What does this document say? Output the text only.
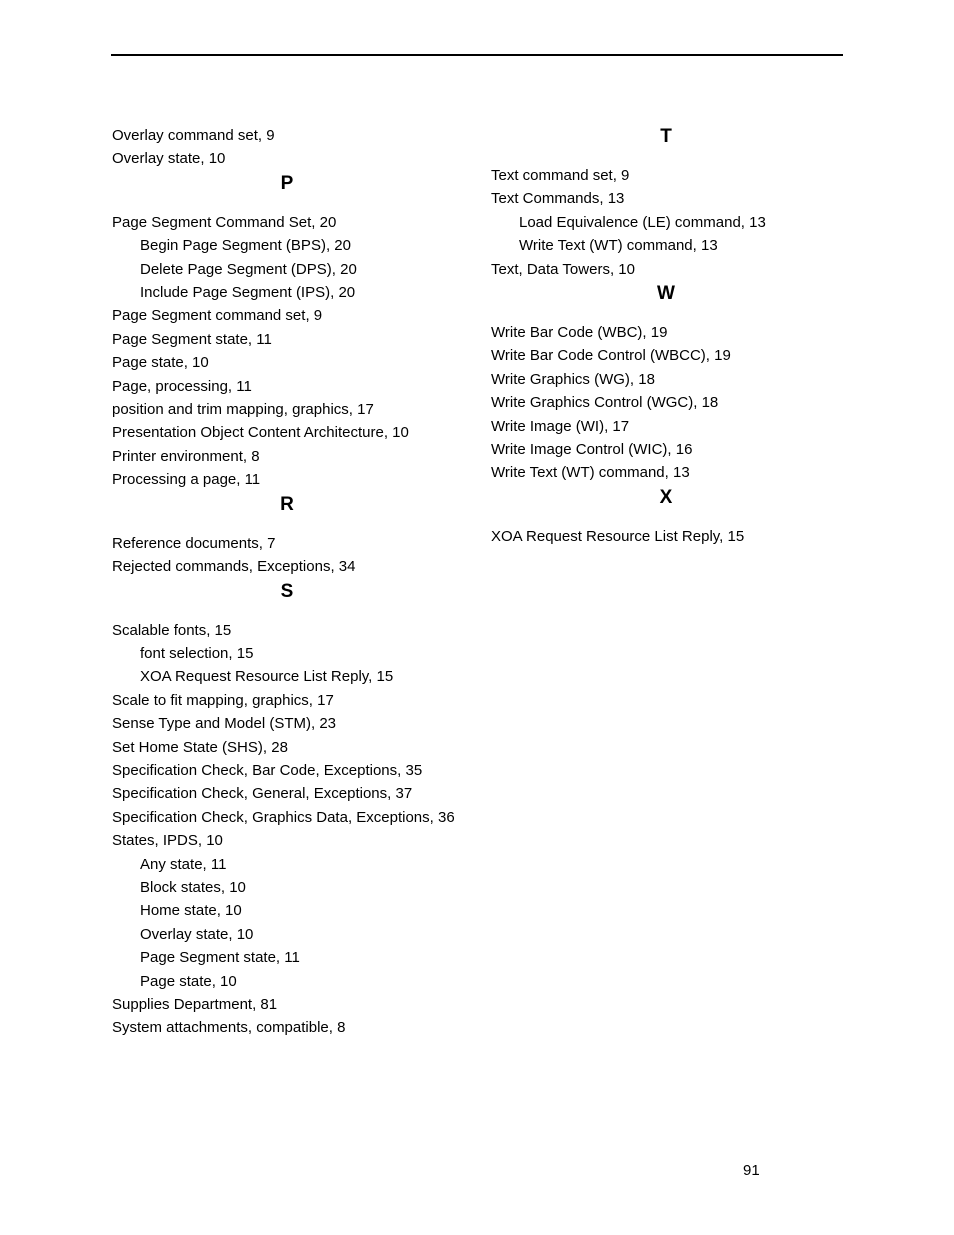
Overlay command set, 9
Overlay state, 10
P
Page Segment Command Set, 20
Begin Page Segment (BPS), 20
Delete Page Segment (DPS), 20
Include Page Segment (IPS), 20
Page Segment command set, 9
Page Segment state, 11
Page state, 10
Page, processing, 11
position and trim mapping, graphics, 17
Presentation Object Content Architecture, 10
Printer environment, 8
Processing a page, 11
R
Reference documents, 7
Rejected commands, Exceptions, 34
S
Scalable fonts, 15
font selection, 15
XOA Request Resource List Reply, 15
Scale to fit mapping, graphics, 17
Sense Type and Model (STM), 23
Set Home State (SHS), 28
Specification Check, Bar Code, Exceptions, 35
Specification Check, General, Exceptions, 37
Specification Check, Graphics Data, Exceptions, 36
States, IPDS, 10
Any state, 11
Block states, 10
Home state, 10
Overlay state, 10
Page Segment state, 11
Page state, 10
Supplies Department, 81
System attachments, compatible, 8
T
Text command set, 9
Text Commands, 13
Load Equivalence (LE) command, 13
Write Text (WT) command, 13
Text, Data Towers, 10
W
Write Bar Code (WBC), 19
Write Bar Code Control (WBCC), 19
Write Graphics (WG), 18
Write Graphics Control (WGC), 18
Write Image (WI), 17
Write Image Control (WIC), 16
Write Text (WT) command, 13
X
XOA Request Resource List Reply, 15
91
